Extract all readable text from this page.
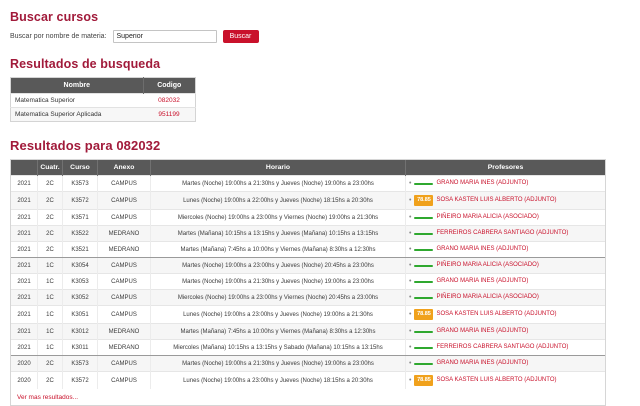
Buscar cursos
Buscar por nombre de materia:
Superior	Buscar
Resultados de busqueda
Nombre	Codigo
Matematica Superior	082032
Matematica Superior Aplicada	951199
Resultados para 082032
	Cuatr.	Curso	Anexo	Horario	Profesores
2021	2C	K3573	CAMPUS	Martes (Noche) 19:00hs a 21:30hs y Jueves (Noche) 19:00hs a 23:00hs	• GRANO MARIA INES (ADJUNTO)

2021	2C	K3572	CAMPUS	Lunes (Noche) 19:00hs a 22:00hs y Jueves (Noche) 18:15hs a 20:30hs	• 78.85 SOSA KASTEN LUIS ALBERTO (ADJUNTO)

2021	2C	K3571	CAMPUS	Miercoles (Noche) 19:00hs a 23:00hs y Viernes (Noche) 19:00hs a 21:30hs	• PIÑEIRO MARIA ALICIA (ASOCIADO)

2021	2C	K3522	MEDRANO	Martes (Mañana) 10:15hs a 13:15hs y Jueves (Mañana) 10:15hs a 13:15hs	• FERREIROS CABRERA SANTIAGO (ADJUNTO)

2021	2C	K3521	MEDRANO	Martes (Mañana) 7:45hs a 10:00hs y Viernes (Mañana) 8:30hs a 12:30hs	• GRANO MARIA INES (ADJUNTO)

2021	1C	K3054	CAMPUS	Martes (Noche) 19:00hs a 23:00hs y Jueves (Noche) 20:45hs a 23:00hs	• PIÑEIRO MARIA ALICIA (ASOCIADO)

2021	1C	K3053	CAMPUS	Martes (Noche) 19:00hs a 21:30hs y Jueves (Noche) 19:00hs a 23:00hs	• GRANO MARIA INES (ADJUNTO)

2021	1C	K3052	CAMPUS	Miercoles (Noche) 19:00hs a 23:00hs y Viernes (Noche) 20:45hs a 23:00hs	• PIÑEIRO MARIA ALICIA (ASOCIADO)

2021	1C	K3051	CAMPUS	Lunes (Noche) 19:00hs a 23:00hs y Jueves (Noche) 19:00hs a 21:30hs	• 78.85 SOSA KASTEN LUIS ALBERTO (ADJUNTO)

2021	1C	K3012	MEDRANO	Martes (Mañana) 7:45hs a 10:00hs y Viernes (Mañana) 8:30hs a 12:30hs	• GRANO MARIA INES (ADJUNTO)

2021	1C	K3011	MEDRANO	Miercoles (Mañana) 10:15hs a 13:15hs y Sabado (Mañana) 10:15hs a 13:15hs	• FERREIROS CABRERA SANTIAGO (ADJUNTO)

2020	2C	K3573	CAMPUS	Martes (Noche) 19:00hs a 21:30hs y Jueves (Noche) 19:00hs a 23:00hs	• GRANO MARIA INES (ADJUNTO)

2020	2C	K3572	CAMPUS	Lunes (Noche) 19:00hs a 23:00hs y Jueves (Noche) 18:15hs a 20:30hs	• 78.85 SOSA KASTEN LUIS ALBERTO (ADJUNTO)
Ver mas resultados...
